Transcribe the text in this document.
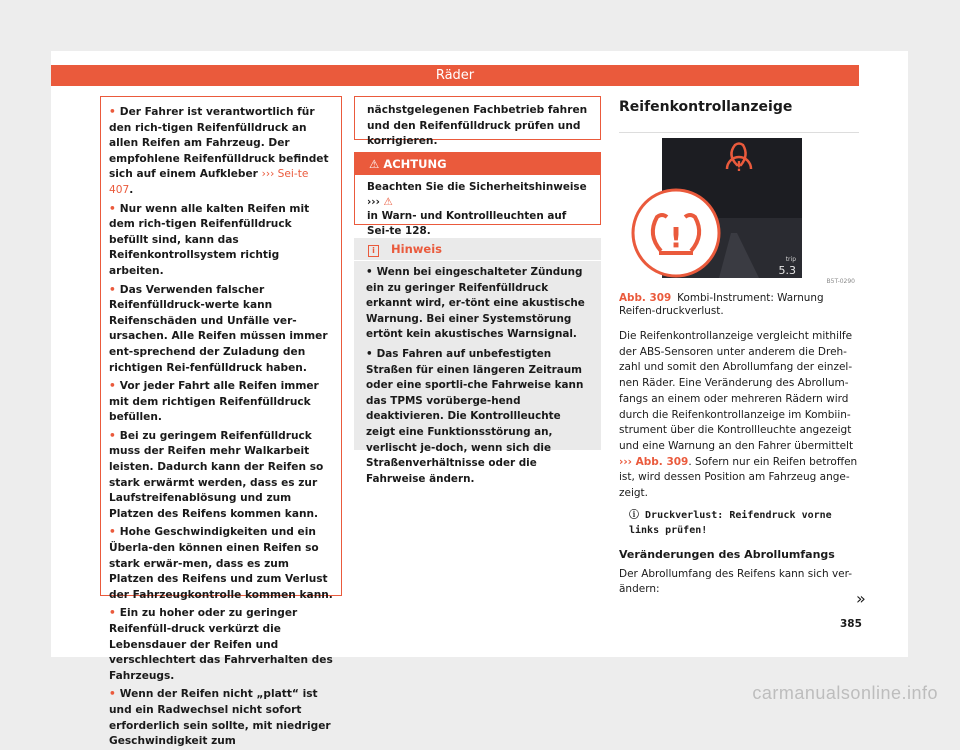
Räder

• Der Fahrer ist verantwortlich für den rich-tigen Reifenfülldruck an allen Reifen am Fahrzeug. Der empfohlene Reifenfülldruck befindet sich auf einem Aufkleber ››› Sei-te 407.

• Nur wenn alle kalten Reifen mit dem rich-tigen Reifenfülldruck befüllt sind, kann das Reifenkontrollsystem richtig arbeiten.

• Das Verwenden falscher Reifenfülldruck-werte kann Reifenschäden und Unfälle ver-ursachen. Alle Reifen müssen immer ent-sprechend der Zuladung den richtigen Rei-fenfülldruck haben.

• Vor jeder Fahrt alle Reifen immer mit dem richtigen Reifenfülldruck befüllen.

• Bei zu geringem Reifenfülldruck muss der Reifen mehr Walkarbeit leisten. Dadurch kann der Reifen so stark erwärmt werden, dass es zur Laufstreifenablösung und zum Platzen des Reifens kommen kann.

• Hohe Geschwindigkeiten und ein Überla-den können einen Reifen so stark erwär-men, dass es zum Platzen des Reifens und zum Verlust der Fahrzeugkontrolle kommen kann.

• Ein zu hoher oder zu geringer Reifenfüll-druck verkürzt die Lebensdauer der Reifen und verschlechtert das Fahrverhalten des Fahrzeugs.

• Wenn der Reifen nicht „platt“ ist und ein Radwechsel nicht sofort erforderlich sein sollte, mit niedriger Geschwindigkeit zum

nächstgelegenen Fachbetrieb fahren und den Reifenfülldruck prüfen und korrigieren.
⚠ ACHTUNG
Beachten Sie die Sicherheitshinweise ››› ⚠
in Warn- und Kontrollleuchten auf Sei-te 128.
i Hinweis

• Wenn bei eingeschalteter Zündung ein zu geringer Reifenfülldruck erkannt wird, er-tönt eine akustische Warnung. Bei einer Systemstörung ertönt kein akustisches Warnsignal.

• Das Fahren auf unbefestigten Straßen für einen längeren Zeitraum oder eine sportli-che Fahrweise kann das TPMS vorüberge-hend deaktivieren. Die Kontrollleuchte zeigt eine Funktionsstörung an, verlischt je-doch, wenn sich die Straßenverhältnisse oder die Fahrweise ändern.

Reifenkontrollanzeige
!
trip
5.3
!
B5T-0290
Abb. 309 Kombi-Instrument: Warnung Reifen-druckverlust.

Die Reifenkontrollanzeige vergleicht mithilfe der ABS-Sensoren unter anderem die Dreh-zahl und somit den Abrollumfang der einzel-nen Räder. Eine Veränderung des Abrollum-fangs an einem oder mehreren Rädern wird durch die Reifenkontrollanzeige im Kombiin-strument über die Kontrollleuchte angezeigt und eine Warnung an den Fahrer übermittelt ››› Abb. 309. Sofern nur ein Reifen betroffen ist, wird dessen Position am Fahrzeug ange-zeigt.

ⓘ Druckverlust: Reifendruck vorne links prüfen!
Veränderungen des Abrollumfangs

Der Abrollumfang des Reifens kann sich ver-ändern:	»
385
carmanualsonline.info
